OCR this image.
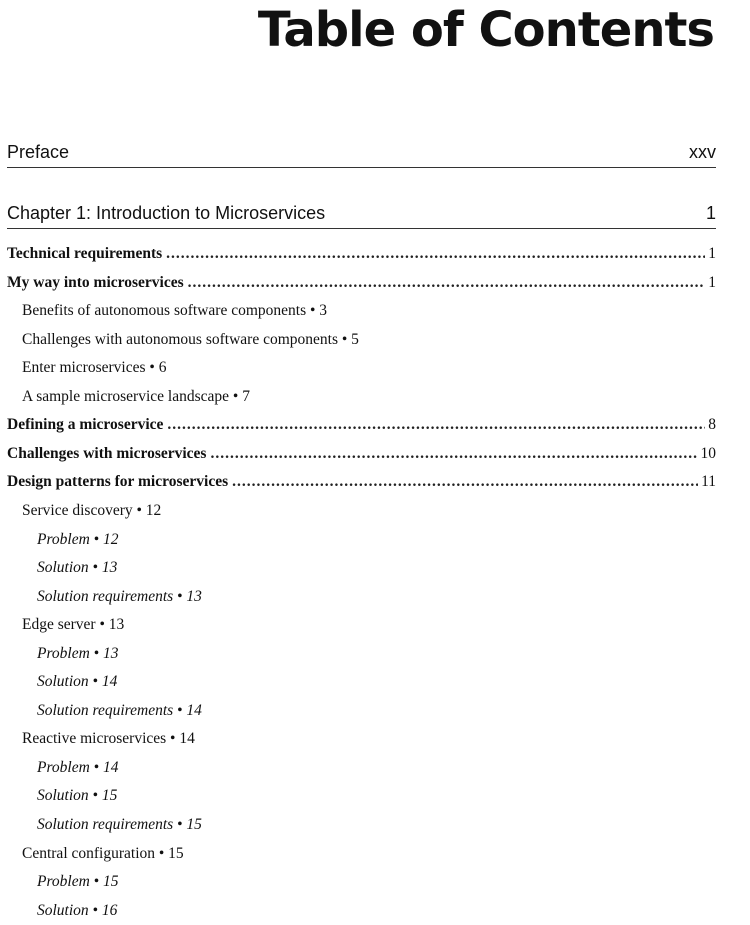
Table of Contents
Preface	xxv
Chapter 1: Introduction to Microservices	1
Technical requirements .....	1
My way into microservices .....	1
Benefits of autonomous software components • 3
Challenges with autonomous software components • 5
Enter microservices • 6
A sample microservice landscape • 7
Defining a microservice .....	8
Challenges with microservices .....	10
Design patterns for microservices .....	11
Service discovery • 12
Problem • 12
Solution • 13
Solution requirements • 13
Edge server • 13
Problem • 13
Solution • 14
Solution requirements • 14
Reactive microservices • 14
Problem • 14
Solution • 15
Solution requirements • 15
Central configuration • 15
Problem • 15
Solution • 16
